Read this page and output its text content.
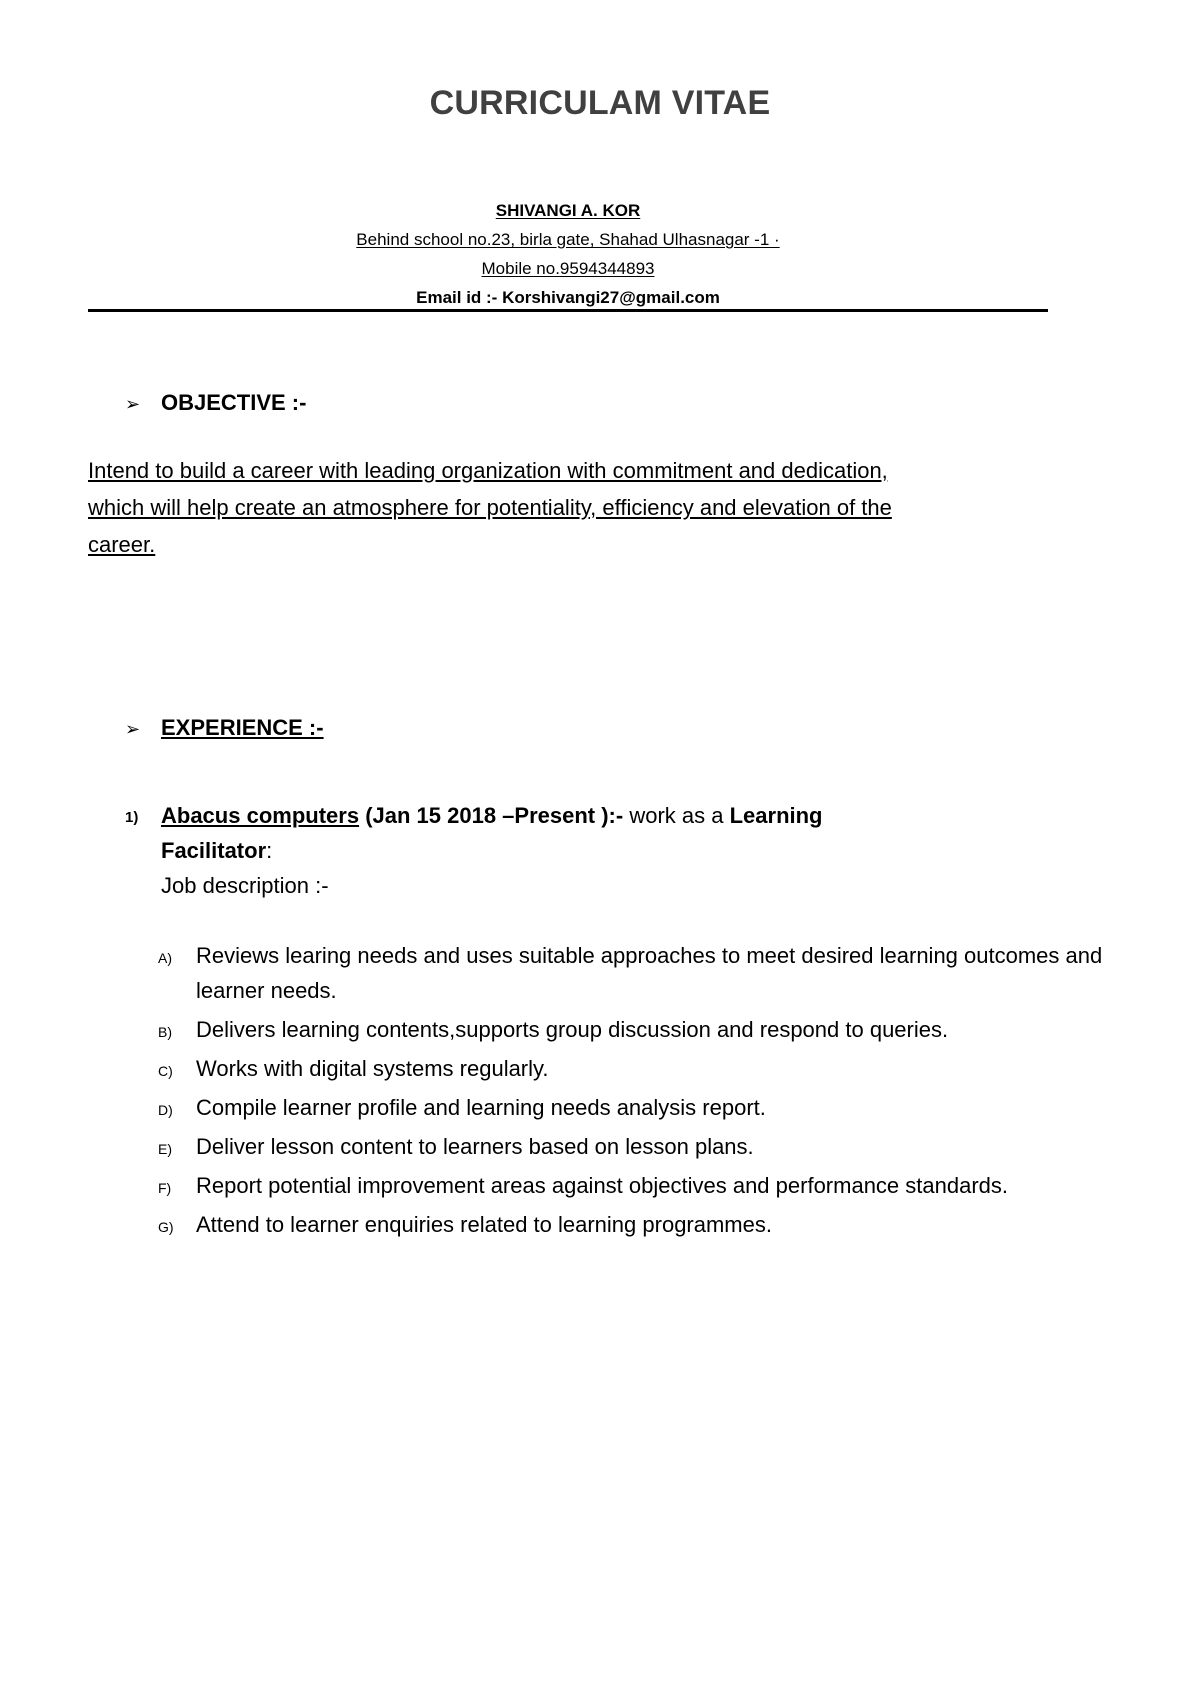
CURRICULAM VITAE
SHIVANGI A. KOR
Behind school no.23, birla gate, Shahad Ulhasnagar -1 ·
Mobile no.9594344893
Email id :- Korshivangi27@gmail.com
➢ OBJECTIVE :-
Intend to build a career with leading organization with commitment and dedication,
which will help create an atmosphere for potentiality, efficiency and elevation of the
career.
➢ EXPERIENCE :-
1) Abacus computers (Jan 15 2018 –Present ):- work as a Learning
Facilitator:
Job description :-
A) Reviews learing needs and uses suitable approaches to meet desired learning outcomes and learner needs.
B) Delivers learning contents,supports group discussion and respond to queries.
C) Works with digital systems regularly.
D) Compile learner profile and learning needs analysis report.
E) Deliver lesson content to learners based on lesson plans.
F) Report potential improvement areas against objectives and performance standards.
G) Attend to learner enquiries related to learning programmes.
